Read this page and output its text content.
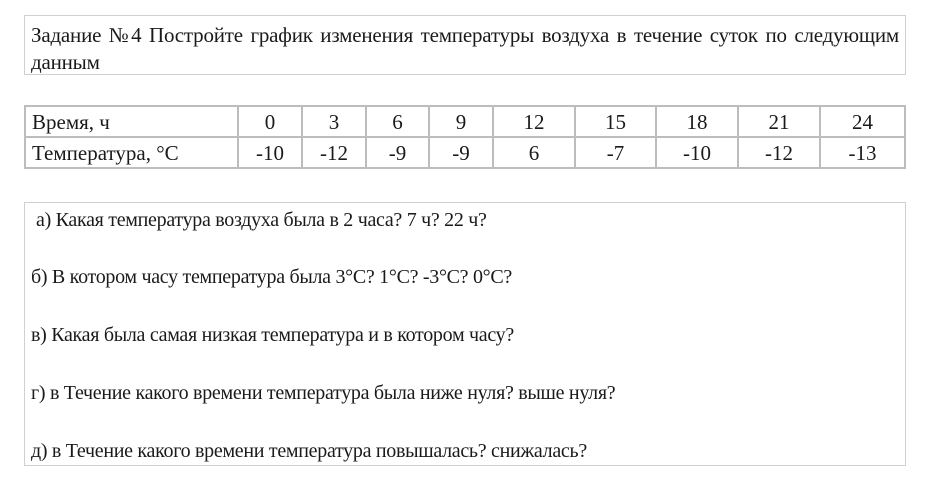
Задание №4 Постройте график изменения температуры воздуха в течение суток по следующим данным
Время, ч	0	3	6	9	12	15	18	21	24
Температура, °С	-10	-12	-9	-9	6	-7	-10	-12	-13
а) Какая температура воздуха была в 2 часа? 7 ч? 22 ч?
б) В котором часу температура была 3°С? 1°С? -3°С? 0°С?
в) Какая была самая низкая температура и в котором часу?
г) в Течение какого времени температура была ниже нуля? выше нуля?
д) в Течение какого времени температура повышалась? снижалась?
